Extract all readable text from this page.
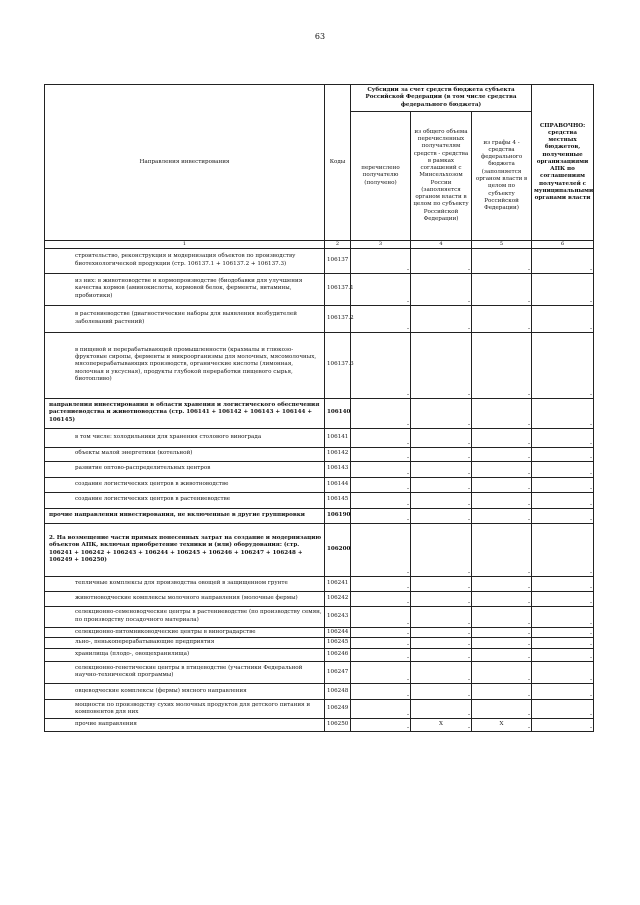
63
Направления инвестирования	Коды	Субсидии за счет средств бюджета субъекта Российской Федерации (в том числе средства федерального бюджета)			СПРАВОЧНО: средства местных бюджетов, полученные организациями АПК по соглашениям получателей с муниципальными органами власти
		перечислено получателю (получено)	из общего объема перечисленных получателям средств - средства в рамках соглашений с Минсельхозом России (заполняется органом власти в целом по субъекту Российской Федерации)	из графы 4 - средства федерального бюджета (заполняется органом власти в целом по субъекту Российской Федерации)	
1	2	3	4	5	6
строительство, реконструкция и модернизация объектов по производству биотехнологической продукции (стр. 106137.1 + 106137.2 + 106137.3)	106137	-	-	-	-

из них: в животноводстве и кормопроизводстве (биодобавки для улучшения качества кормов (аминокислоты, кормовой белок, ферменты, витамины, пробиотики)	106137.1	-	-	-	-

в растениеводстве (диагностические наборы для выявления возбудителей заболеваний растений)	106137.2	-	-	-	-

в пищевой и перерабатывающей промышленности (крахмалы и глюкозо-фруктовые сиропы, ферменты и микроорганизмы для молочных, мясомолочных, мясоперерабатывающих производств, органические кислоты (лимонная, молочная и уксусная), продукты глубокой переработки пищевого сырья, биотопливо)	106137.3	-	-	-	-

направления инвестирования в области хранения и логистического обеспечения растениеводства и животноводства (стр. 106141 + 106142 + 106143 + 106144 + 106145)	106140	-	-	-	-

в том числе: холодильники для хранения столового винограда	106141	-	-	-	-

объекты малой энергетики (котельной)	106142	-	-	-	-

развитие оптово-распределительных центров	106143	-	-	-	-

создание логистических центров в животноводстве	106144	-	-	-	-

создание логистических центров в растениеводстве	106145	-	-	-	-

прочие направления инвестирования, не включенные в другие группировки	106190	-	-	-	-

2. На возмещение части прямых понесенных затрат на создание и модернизацию объектов АПК, включая приобретение техники и (или) оборудования: (стр. 106241 + 106242 + 106243 + 106244 + 106245 + 106246 + 106247 + 106248 + 106249 + 106250)	106200	-	-	-	-

тепличные комплексы для производства овощей в защищенном грунте	106241	-	-	-	-

животноводческие комплексы молочного направления (молочные фермы)	106242	-	-	-	-

селекционно-семеноводческие центры в растениеводстве (по производству семян, по производству посадочного материала)	106243	-	-	-	-

селекционно-питомниководческие центры в виноградарстве	106244	-	-	-	-

льно-, пенькоперерабатывающие предприятия	106245	-	-	-	-

хранилища (плодо-, овощехранилища)	106246	-	-	-	-

селекционно-генетические центры в птицеводстве (участники Федеральной научно-технической программы)	106247	-	-	-	-

овцеводческие комплексы (фермы) мясного направления	106248	-	-	-	-

мощности по производству сухих молочных продуктов для детского питания и компонентов для них	106249	-	-	-	-

прочие направления	106250	-	X -	X -	-
